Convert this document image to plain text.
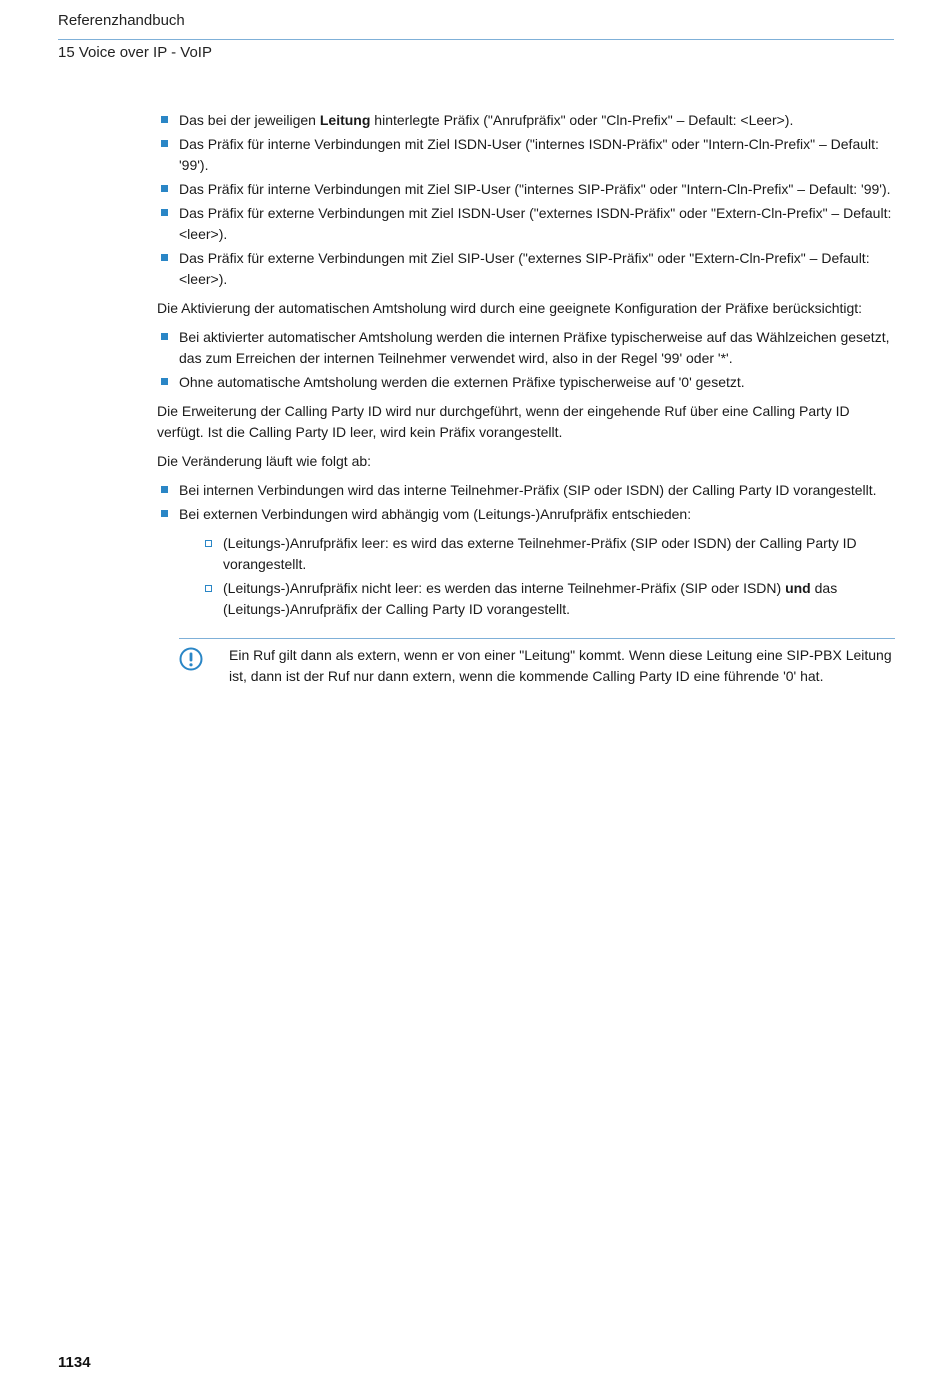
Referenzhandbuch
15 Voice over IP - VoIP
Das bei der jeweiligen Leitung hinterlegte Präfix ("Anrufpräfix" oder "Cln-Prefix" – Default: <Leer>).
Das Präfix für interne Verbindungen mit Ziel ISDN-User ("internes ISDN-Präfix" oder "Intern-Cln-Prefix" – Default: '99').
Das Präfix für interne Verbindungen mit Ziel SIP-User ("internes SIP-Präfix" oder "Intern-Cln-Prefix" – Default: '99').
Das Präfix für externe Verbindungen mit Ziel ISDN-User ("externes ISDN-Präfix" oder "Extern-Cln-Prefix" – Default: <leer>).
Das Präfix für externe Verbindungen mit Ziel SIP-User ("externes SIP-Präfix" oder "Extern-Cln-Prefix" – Default: <leer>).

Die Aktivierung der automatischen Amtsholung wird durch eine geeignete Konfiguration der Präfixe berücksichtigt:

Bei aktivierter automatischer Amtsholung werden die internen Präfixe typischerweise auf das Wählzeichen gesetzt, das zum Erreichen der internen Teilnehmer verwendet wird, also in der Regel '99' oder '*'.
Ohne automatische Amtsholung werden die externen Präfixe typischerweise auf '0' gesetzt.

Die Erweiterung der Calling Party ID wird nur durchgeführt, wenn der eingehende Ruf über eine Calling Party ID verfügt. Ist die Calling Party ID leer, wird kein Präfix vorangestellt.

Die Veränderung läuft wie folgt ab:

Bei internen Verbindungen wird das interne Teilnehmer-Präfix (SIP oder ISDN) der Calling Party ID vorangestellt.
Bei externen Verbindungen wird abhängig vom (Leitungs-)Anrufpräfix entschieden:
(Leitungs-)Anrufpräfix leer: es wird das externe Teilnehmer-Präfix (SIP oder ISDN) der Calling Party ID vorangestellt.
(Leitungs-)Anrufpräfix nicht leer: es werden das interne Teilnehmer-Präfix (SIP oder ISDN) und das (Leitungs-)Anrufpräfix der Calling Party ID vorangestellt.
Ein Ruf gilt dann als extern, wenn er von einer "Leitung" kommt. Wenn diese Leitung eine SIP-PBX Leitung ist, dann ist der Ruf nur dann extern, wenn die kommende Calling Party ID eine führende '0' hat.
1134
